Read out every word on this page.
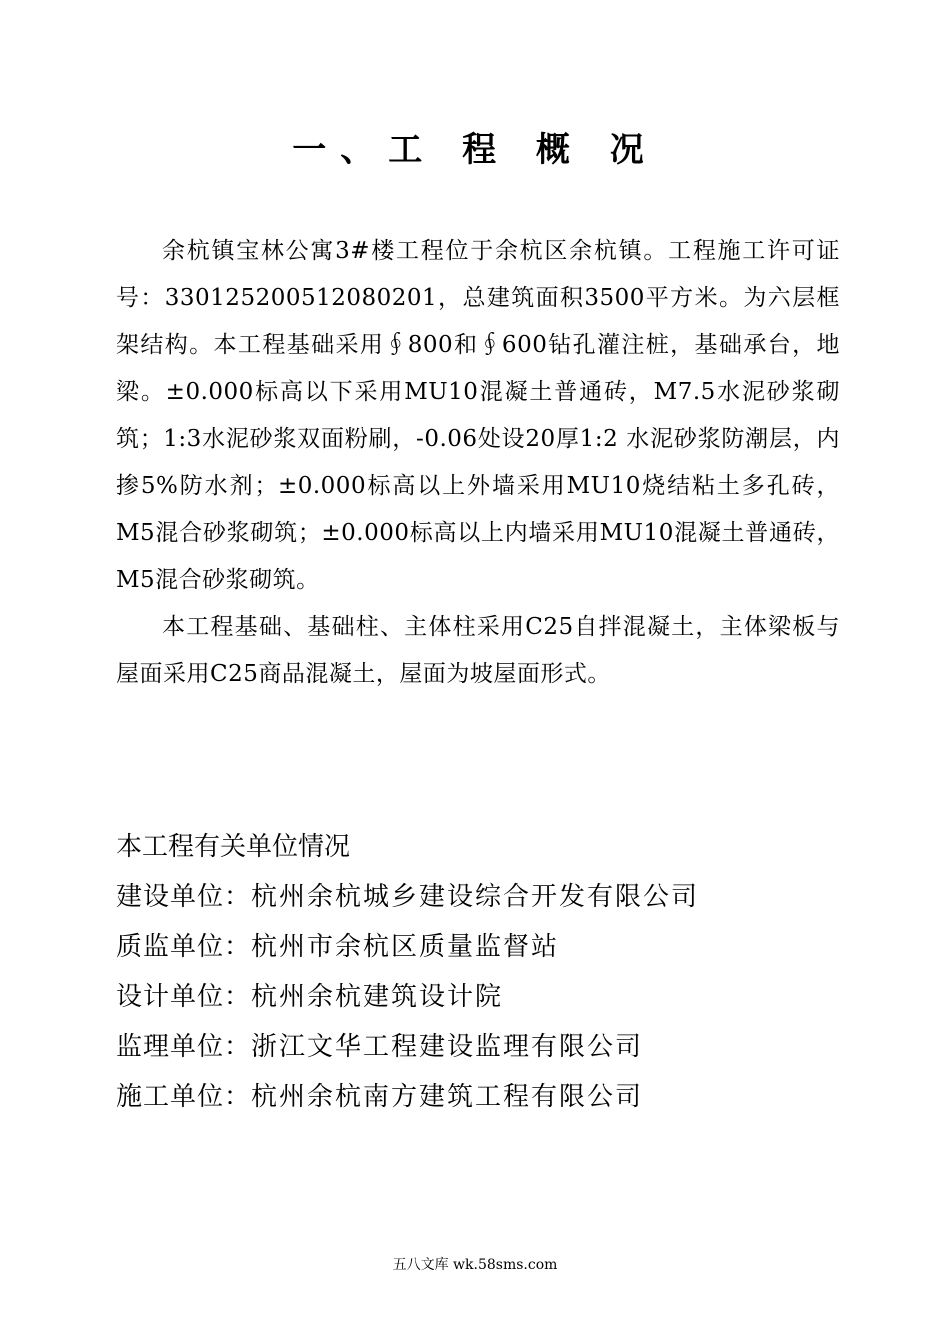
一、工 程 概 况

余杭镇宝林公寓3#楼工程位于余杭区余杭镇。工程施工许可证号：330125200512080201，总建筑面积3500平方米。为六层框架结构。本工程基础采用∮800和∮600钻孔灌注桩，基础承台，地梁。±0.000标高以下采用MU10混凝土普通砖，M7.5水泥砂浆砌筑；1:3水泥砂浆双面粉刷，-0.06处设20厚1:2 水泥砂浆防潮层，内掺5%防水剂；±0.000标高以上外墙采用MU10烧结粘土多孔砖，M5混合砂浆砌筑；±0.000标高以上内墙采用MU10混凝土普通砖，M5混合砂浆砌筑。

本工程基础、基础柱、主体柱采用C25自拌混凝土，主体梁板与屋面采用C25商品混凝土，屋面为坡屋面形式。

本工程有关单位情况

建设单位：杭州余杭城乡建设综合开发有限公司

质监单位：杭州市余杭区质量监督站

设计单位：杭州余杭建筑设计院

监理单位：浙江文华工程建设监理有限公司

施工单位：杭州余杭南方建筑工程有限公司

五八文库 wk.58sms.com
